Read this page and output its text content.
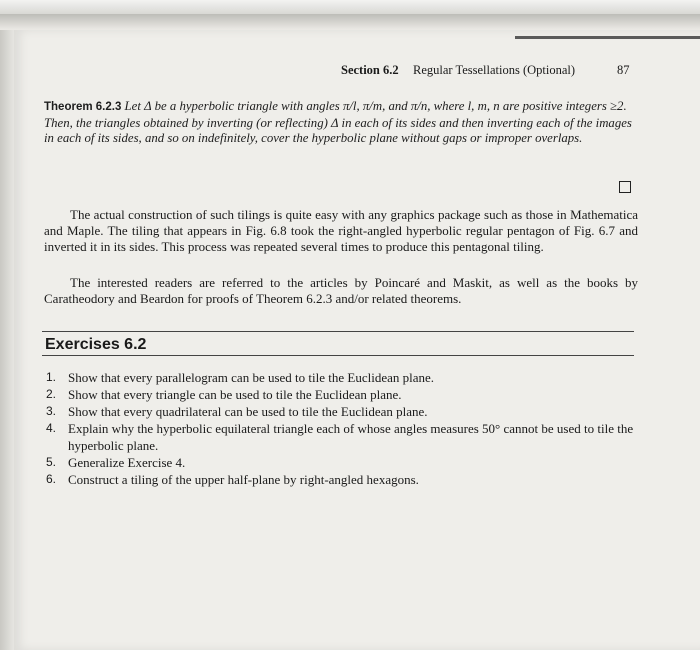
Section 6.2 Regular Tessellations (Optional)	87
Theorem 6.2.3 Let Δ be a hyperbolic triangle with angles π/l, π/m, and π/n, where l, m, n are positive integers ≥2. Then, the triangles obtained by inverting (or reflecting) Δ in each of its sides and then inverting each of the images in each of its sides, and so on indefinitely, cover the hyperbolic plane without gaps or improper overlaps.

The actual construction of such tilings is quite easy with any graphics package such as those in Mathematica and Maple. The tiling that appears in Fig. 6.8 took the right-angled hyperbolic regular pentagon of Fig. 6.7 and inverted it in its sides. This process was repeated several times to produce this pentagonal tiling.

The interested readers are referred to the articles by Poincaré and Maskit, as well as the books by Caratheodory and Beardon for proofs of Theorem 6.2.3 and/or related theorems.

Exercises 6.2
1. Show that every parallelogram can be used to tile the Euclidean plane.
2. Show that every triangle can be used to tile the Euclidean plane.
3. Show that every quadrilateral can be used to tile the Euclidean plane.
4. Explain why the hyperbolic equilateral triangle each of whose angles measures 50° cannot be used to tile the hyperbolic plane.
5. Generalize Exercise 4.
6. Construct a tiling of the upper half-plane by right-angled hexagons.
